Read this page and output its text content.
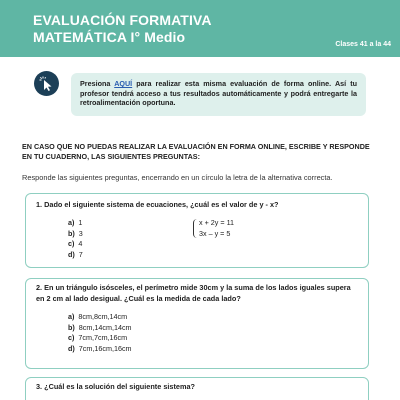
EVALUACIÓN FORMATIVA
MATEMÁTICA I° Medio	Clases 41 a la 44
Presiona AQUÍ para realizar esta misma evaluación de forma online. Así tu profesor tendrá acceso a tus resultados automáticamente y podrá entregarte la retroalimentación oportuna.
EN CASO QUE NO PUEDAS REALIZAR LA EVALUACIÓN EN FORMA ONLINE, ESCRIBE Y RESPONDE EN TU CUADERNO, LAS SIGUIENTES PREGUNTAS:
Responde las siguientes preguntas, encerrando en un círculo la letra de la alternativa correcta.
1. Dado el siguiente sistema de ecuaciones, ¿cuál es el valor de y - x?
a) 1
b) 3
c) 4
d) 7
x + 2y = 11
3x – y = 5
2. En un triángulo isósceles, el perímetro mide 30cm y la suma de los lados iguales supera en 2 cm al lado desigual. ¿Cuál es la medida de cada lado?
a) 8cm,8cm,14cm
b) 8cm,14cm,14cm
c) 7cm,7cm,16cm
d) 7cm,16cm,16cm
3. ¿Cuál es la solución del siguiente sistema?
